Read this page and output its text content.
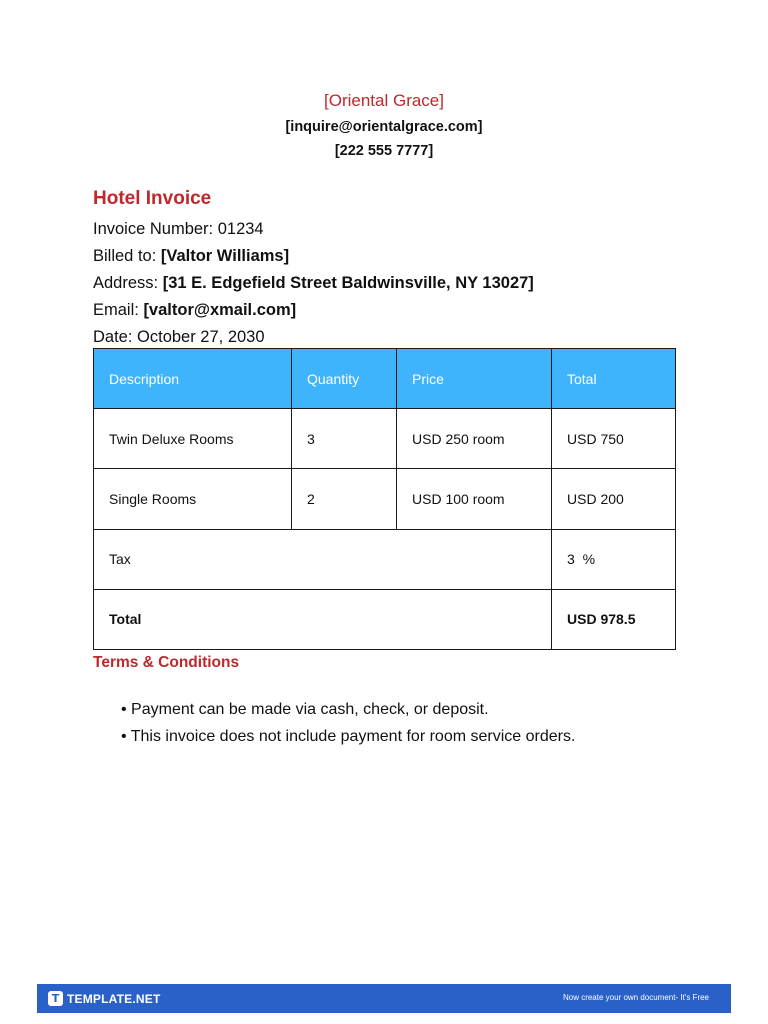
[Oriental Grace]
[inquire@orientalgrace.com]
[222 555 7777]
Hotel Invoice
Invoice Number: 01234
Billed to: [Valtor Williams]
Address: [31 E. Edgefield Street Baldwinsville, NY 13027]
Email: [valtor@xmail.com]
Date: October 27, 2030
Description	Quantity	Price	Total
Twin Deluxe Rooms	3	USD 250 room	USD 750
Single Rooms	2	USD 100 room	USD 200
Tax			3  %
Total			USD 978.5
Terms & Conditions
• Payment can be made via cash, check, or deposit.
• This invoice does not include payment for room service orders.
T TEMPLATE.NET	Now create your own document- It's Free
